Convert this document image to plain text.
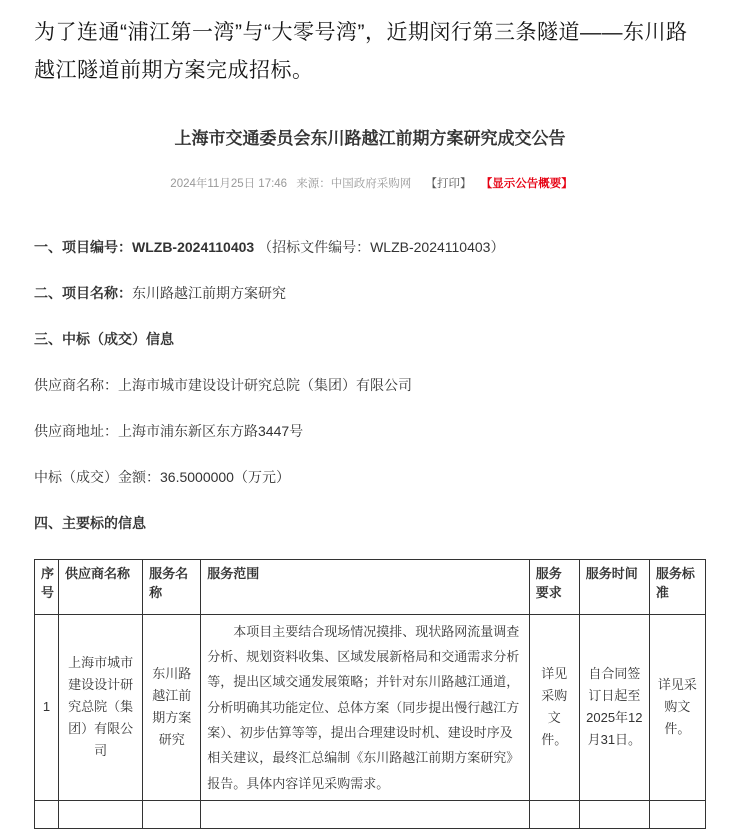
为了连通“浦江第一湾”与“大零号湾”，近期闵行第三条隧道——东川路越江隧道前期方案完成招标。

上海市交通委员会东川路越江前期方案研究成交公告
2024年11月25日 17:46 来源：中国政府采购网 【打印】 【显示公告概要】

一、项目编号：WLZB-2024110403 （招标文件编号：WLZB-2024110403）

二、项目名称：东川路越江前期方案研究

三、中标（成交）信息

供应商名称：上海市城市建设设计研究总院（集团）有限公司

供应商地址：上海市浦东新区东方路3447号

中标（成交）金额：36.5000000（万元）

四、主要标的信息

序号	供应商名称	服务名称	服务范围	服务要求	服务时间	服务标准
1	上海市城市建设设计研究总院（集团）有限公司	东川路越江前期方案研究	本项目主要结合现场情况摸排、现状路网流量调查分析、规划资料收集、区域发展新格局和交通需求分析等，提出区域交通发展策略；并针对东川路越江通道，分析明确其功能定位、总体方案（同步提出慢行越江方案）、初步估算等等，提出合理建设时机、建设时序及相关建议，最终汇总编制《东川路越江前期方案研究》报告。具体内容详见采购需求。	详见采购文件。	自合同签订日起至2025年12月31日。	详见采购文件。
